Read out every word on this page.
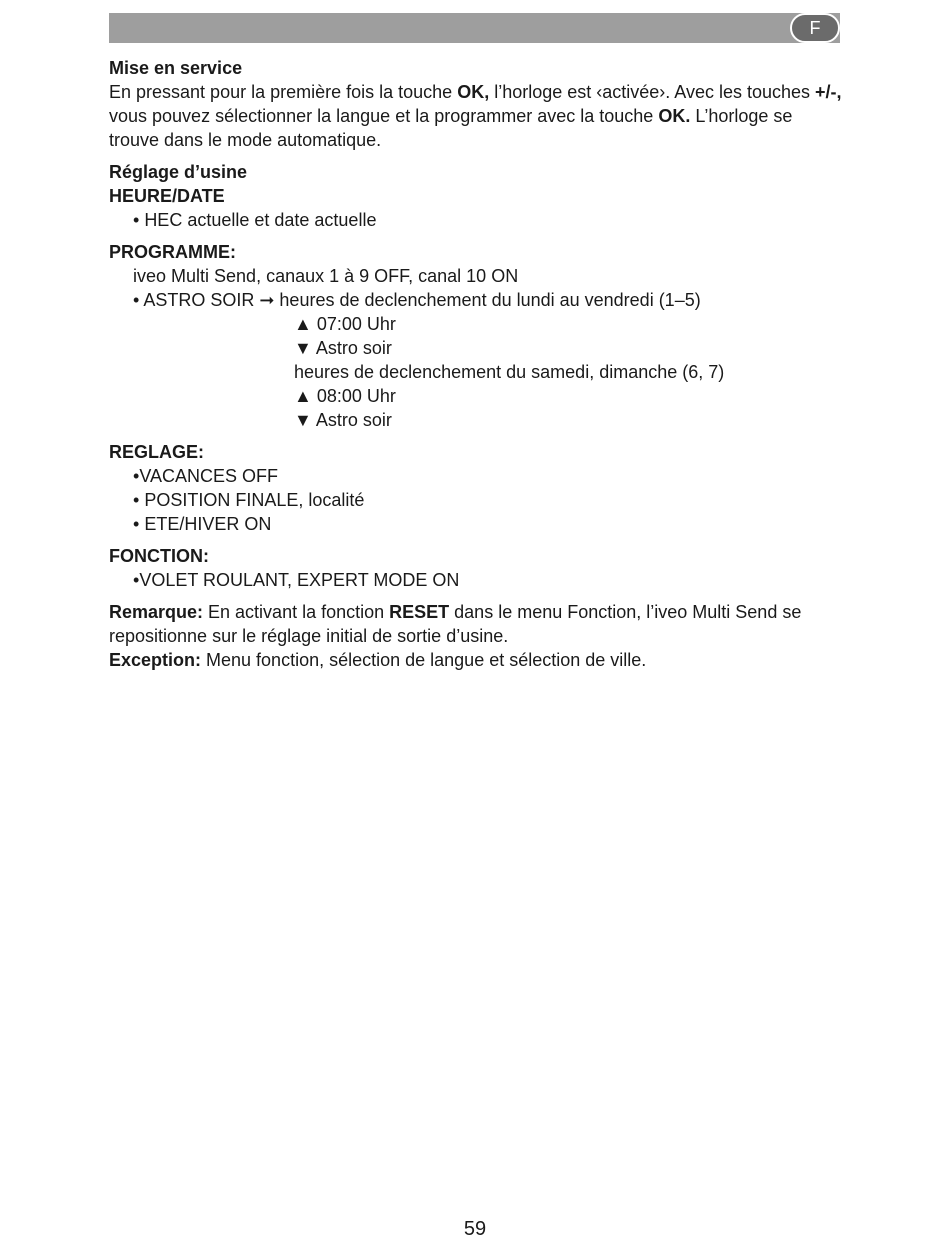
F

Mise en service

En pressant pour la première fois la touche OK, l’horloge est ‹activée›. Avec les touches +/-, vous pouvez sélectionner la langue et la programmer avec la touche OK. L’horloge se trouve dans le mode automatique.

Réglage d’usine

HEURE/DATE

• HEC actuelle et date actuelle

PROGRAMME:

iveo Multi Send, canaux 1 à 9 OFF, canal 10 ON

• ASTRO SOIR ➞ heures de declenchement du lundi au vendredi (1–5)

▲ 07:00 Uhr

▼ Astro soir

heures de declenchement du samedi, dimanche (6, 7)

▲ 08:00 Uhr

▼ Astro soir

REGLAGE:

• VACANCES OFF

• POSITION FINALE, localité

• ETE/HIVER ON

FONCTION:

• VOLET ROULANT, EXPERT MODE ON

Remarque: En activant la fonction RESET dans le menu Fonction, l’iveo Multi Send se repositionne sur le réglage initial de sortie d’usine.

Exception: Menu fonction, sélection de langue et sélection de ville.

59
